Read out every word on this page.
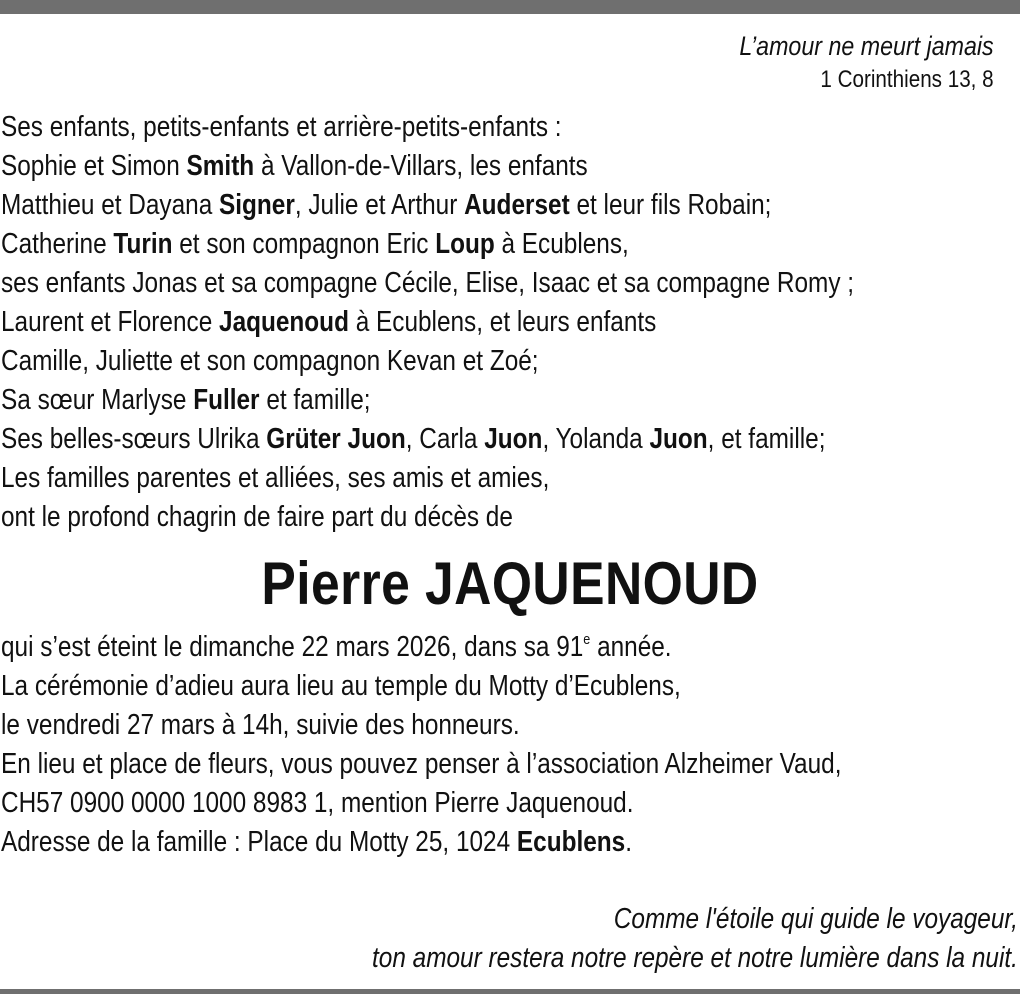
L’amour ne meurt jamais
1 Corinthiens 13, 8
Ses enfants, petits-enfants et arrière-petits-enfants :
Sophie et Simon Smith à Vallon-de-Villars, les enfants
Matthieu et Dayana Signer, Julie et Arthur Auderset et leur fils Robain;
Catherine Turin et son compagnon Eric Loup à Ecublens,
ses enfants Jonas et sa compagne Cécile, Elise, Isaac et sa compagne Romy ;
Laurent et Florence Jaquenoud à Ecublens, et leurs enfants
Camille, Juliette et son compagnon Kevan et Zoé;
Sa sœur Marlyse Fuller et famille;
Ses belles-sœurs Ulrika Grüter Juon, Carla Juon, Yolanda Juon, et famille;
Les familles parentes et alliées, ses amis et amies,
ont le profond chagrin de faire part du décès de
Pierre JAQUENOUD
qui s’est éteint le dimanche 22 mars 2026, dans sa 91e année.
La cérémonie d’adieu aura lieu au temple du Motty d’Ecublens,
le vendredi 27 mars à 14h, suivie des honneurs.
En lieu et place de fleurs, vous pouvez penser à l’association Alzheimer Vaud,
CH57 0900 0000 1000 8983 1, mention Pierre Jaquenoud.
Adresse de la famille : Place du Motty 25, 1024 Ecublens.
Comme l'étoile qui guide le voyageur,
ton amour restera notre repère et notre lumière dans la nuit.
